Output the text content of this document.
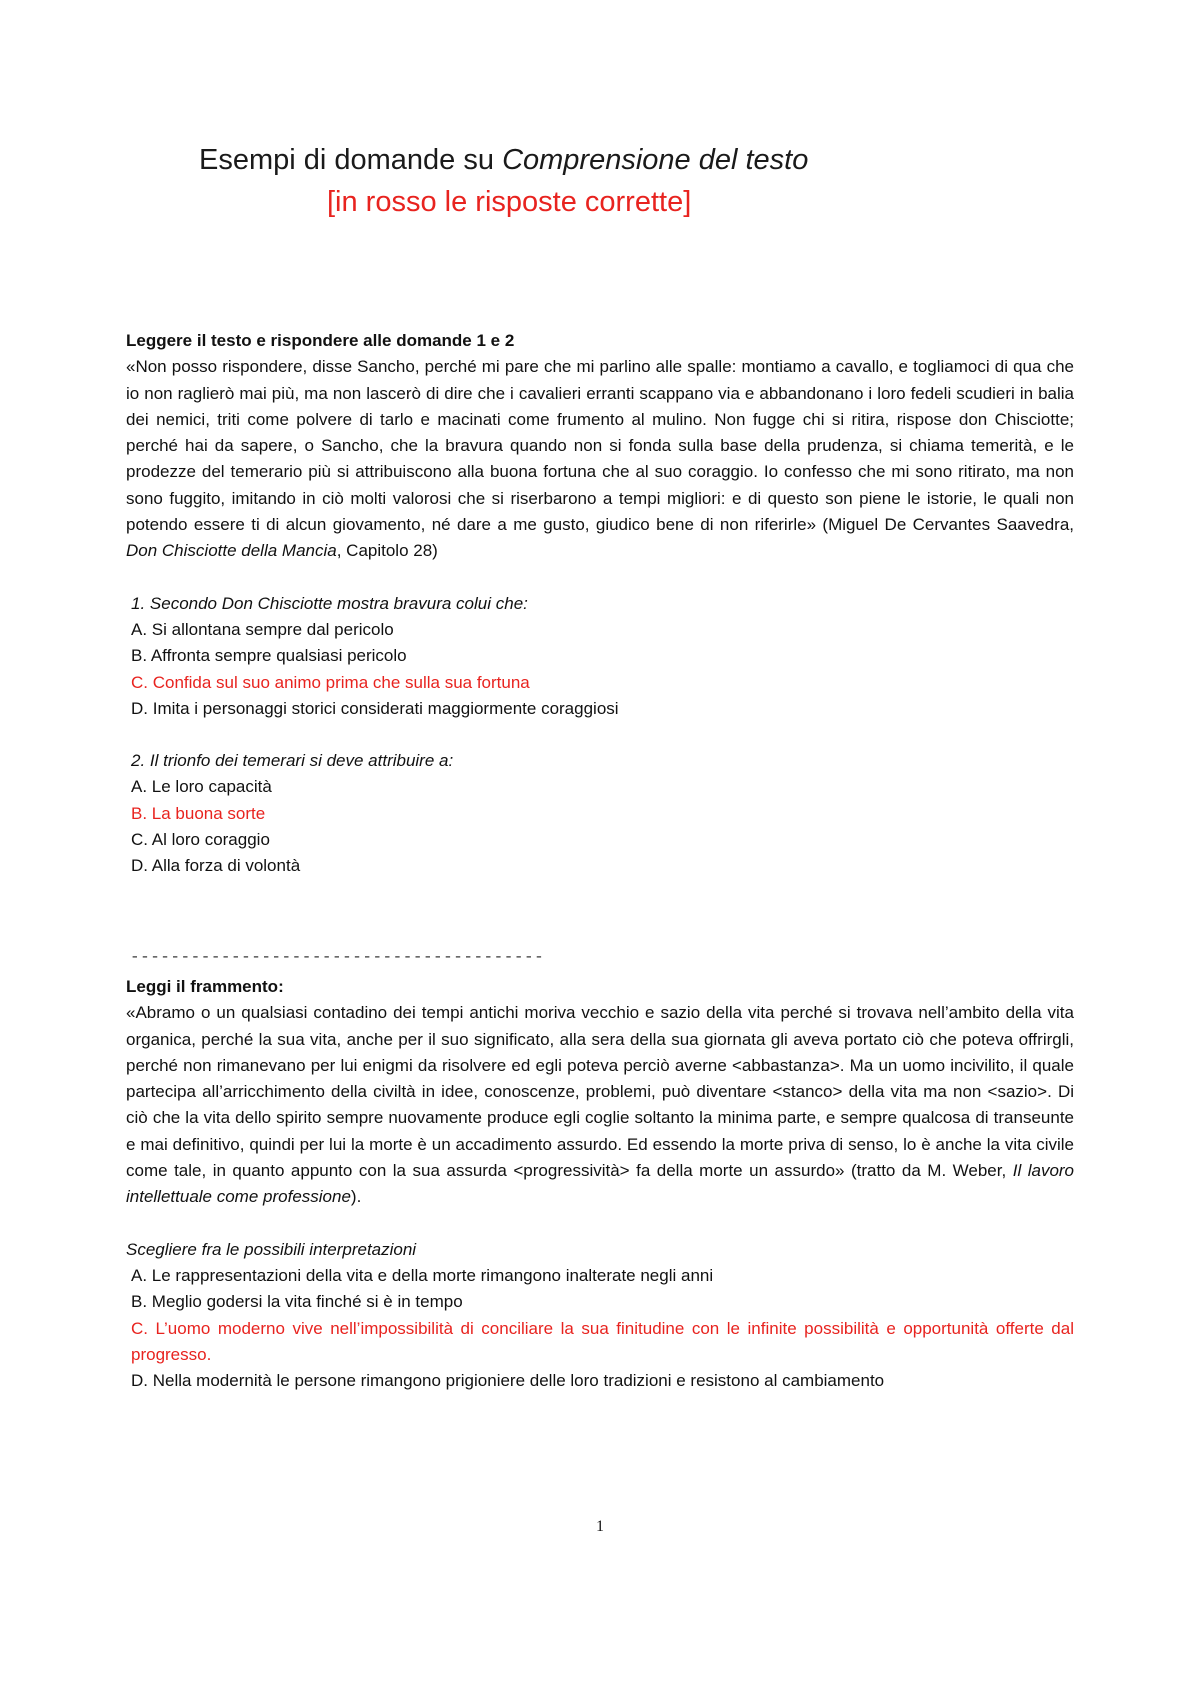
Esempi di domande su Comprensione del testo
[in rosso le risposte corrette]

Leggere il testo e rispondere alle domande 1 e 2

«Non posso rispondere, disse Sancho, perché mi pare che mi parlino alle spalle: montiamo a cavallo, e togliamoci di qua che io non raglierò mai più, ma non lascerò di dire che i cavalieri erranti scappano via e abbandonano i loro fedeli scudieri in balia dei nemici, triti come polvere di tarlo e macinati come frumento al mulino. Non fugge chi si ritira, rispose don Chisciotte; perché hai da sapere, o Sancho, che la bravura quando non si fonda sulla base della prudenza, si chiama temerità, e le prodezze del temerario più si attribuiscono alla buona fortuna che al suo coraggio. Io confesso che mi sono ritirato, ma non sono fuggito, imitando in ciò molti valorosi che si riserbarono a tempi migliori: e di questo son piene le istorie, le quali non potendo essere ti di alcun giovamento, né dare a me gusto, giudico bene di non riferirle» (Miguel De Cervantes Saavedra, Don Chisciotte della Mancia, Capitolo 28)

1. Secondo Don Chisciotte mostra bravura colui che:

A. Si allontana sempre dal pericolo

B. Affronta sempre qualsiasi pericolo

C. Confida sul suo animo prima che sulla sua fortuna

D. Imita i personaggi storici considerati maggiormente coraggiosi

2. Il trionfo dei temerari si deve attribuire a:

A. Le loro capacità

B. La buona sorte

C. Al loro coraggio

D. Alla forza di volontà

-----------------------------------------

Leggi il frammento:

«Abramo o un qualsiasi contadino dei tempi antichi moriva vecchio e sazio della vita perché si trovava nell’ambito della vita organica, perché la sua vita, anche per il suo significato, alla sera della sua giornata gli aveva portato ciò che poteva offrirgli, perché non rimanevano per lui enigmi da risolvere ed egli poteva perciò averne <abbastanza>. Ma un uomo incivilito, il quale partecipa all’arricchimento della civiltà in idee, conoscenze, problemi, può diventare <stanco> della vita ma non <sazio>. Di ciò che la vita dello spirito sempre nuovamente produce egli coglie soltanto la minima parte, e sempre qualcosa di transeunte e mai definitivo, quindi per lui la morte è un accadimento assurdo. Ed essendo la morte priva di senso, lo è anche la vita civile come tale, in quanto appunto con la sua assurda <progressività> fa della morte un assurdo» (tratto da M. Weber, Il lavoro intellettuale come professione).

Scegliere fra le possibili interpretazioni

A. Le rappresentazioni della vita e della morte rimangono inalterate negli anni

B. Meglio godersi la vita finché si è in tempo

C. L’uomo moderno vive nell’impossibilità di conciliare la sua finitudine con le infinite possibilità e opportunità offerte dal progresso.

D. Nella modernità le persone rimangono prigioniere delle loro tradizioni e resistono al cambiamento

1
